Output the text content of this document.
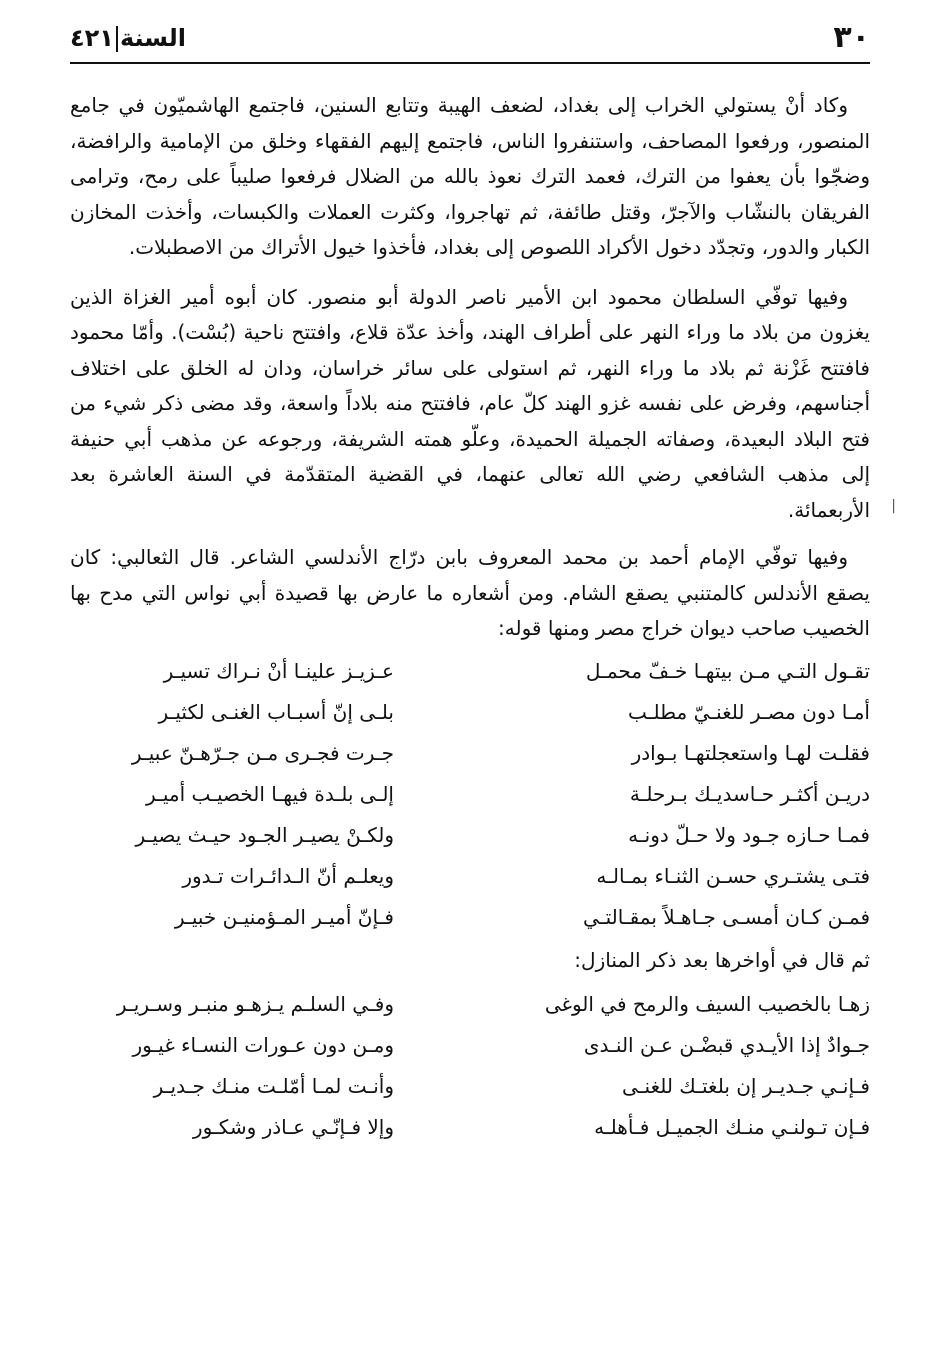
٣٠
السنة٤٢١

وكاد أنْ يستولي الخراب إلى بغداد، لضعف الهيبة وتتابع السنين، فاجتمع الهاشميّون في جامع المنصور، ورفعوا المصاحف، واستنفروا الناس، فاجتمع إليهم الفقهاء وخلق من الإمامية والرافضة، وضجّوا بأن يعفوا من الترك، فعمد الترك نعوذ بالله من الضلال فرفعوا صليباً على رمح، وترامى الفريقان بالنشّاب والآجرّ، وقتل طائفة، ثم تهاجروا، وكثرت العملات والكبسات، وأخذت المخازن الكبار والدور، وتجدّد دخول الأكراد اللصوص إلى بغداد، فأخذوا خيول الأتراك من الاصطبلات.

وفيها توفّي السلطان محمود ابن الأمير ناصر الدولة أبو منصور. كان أبوه أمير الغزاة الذين يغزون من بلاد ما وراء النهر على أطراف الهند، وأخذ عدّة قلاع، وافتتح ناحية (بُسْت). وأمّا محمود فافتتح غَزْنة ثم بلاد ما وراء النهر، ثم استولى على سائر خراسان، ودان له الخلق على اختلاف أجناسهم، وفرض على نفسه غزو الهند كلّ عام، فافتتح منه بلاداً واسعة، وقد مضى ذكر شيء من فتح البلاد البعيدة، وصفاته الجميلة الحميدة، وعلّو همته الشريفة، ورجوعه عن مذهب أبي حنيفة إلى مذهب الشافعي رضي الله تعالى عنهما، في القضية المتقدّمة في السنة العاشرة بعد الأربعمائة.

وفيها توفّي الإمام أحمد بن محمد المعروف بابن درّاج الأندلسي الشاعر. قال الثعالبي: كان يصقع الأندلس كالمتنبي يصقع الشام. ومن أشعاره ما عارض بها قصيدة أبي نواس التي مدح بها الخصيب صاحب ديوان خراج مصر ومنها قوله:

تقـول التـي مـن بيتهـا خـفّ محمـل	عـزيـز علينـا أنْ نـراك تسيـر
أمـا دون مصـر للغنـيّ مطلـب	بلـى إنّ أسبـاب الغنـى لكثيـر
فقلـت لهـا واستعجلتهـا بـوادر	جـرت فجـرى مـن جـرّهـنّ عبيـر
دريـن أكثـر حـاسديـك بـرحلـة	إلـى بلـدة فيهـا الخصيـب أميـر
فمـا حـازه جـود ولا حـلّ دونـه	ولكـنْ يصيـر الجـود حيـث يصيـر
فتـى يشتـري حسـن الثنـاء بمـالـه	ويعلـم أنّ الـدائـرات تـدور
فمـن كـان أمسـى جـاهـلاً بمقـالتـي	فـإنّ أميـر المـؤمنيـن خبيـر

ثم قال في أواخرها بعد ذكر المنازل:

زهـا بالخصيب السيف والرمح في الوغى	وفـي السلـم يـزهـو منبـر وسـريـر
جـوادٌ إذا الأيـدي قبضْـن عـن النـدى	ومـن دون عـورات النسـاء غيـور
فـإنـي جـديـر إن بلغتـك للغنـى	وأنـت لمـا أمّلـت منـك جـديـر
فـإن تـولنـي منـك الجميـل فـأهلـه	وإلا فـإنّـي عـاذر وشكـور
|
